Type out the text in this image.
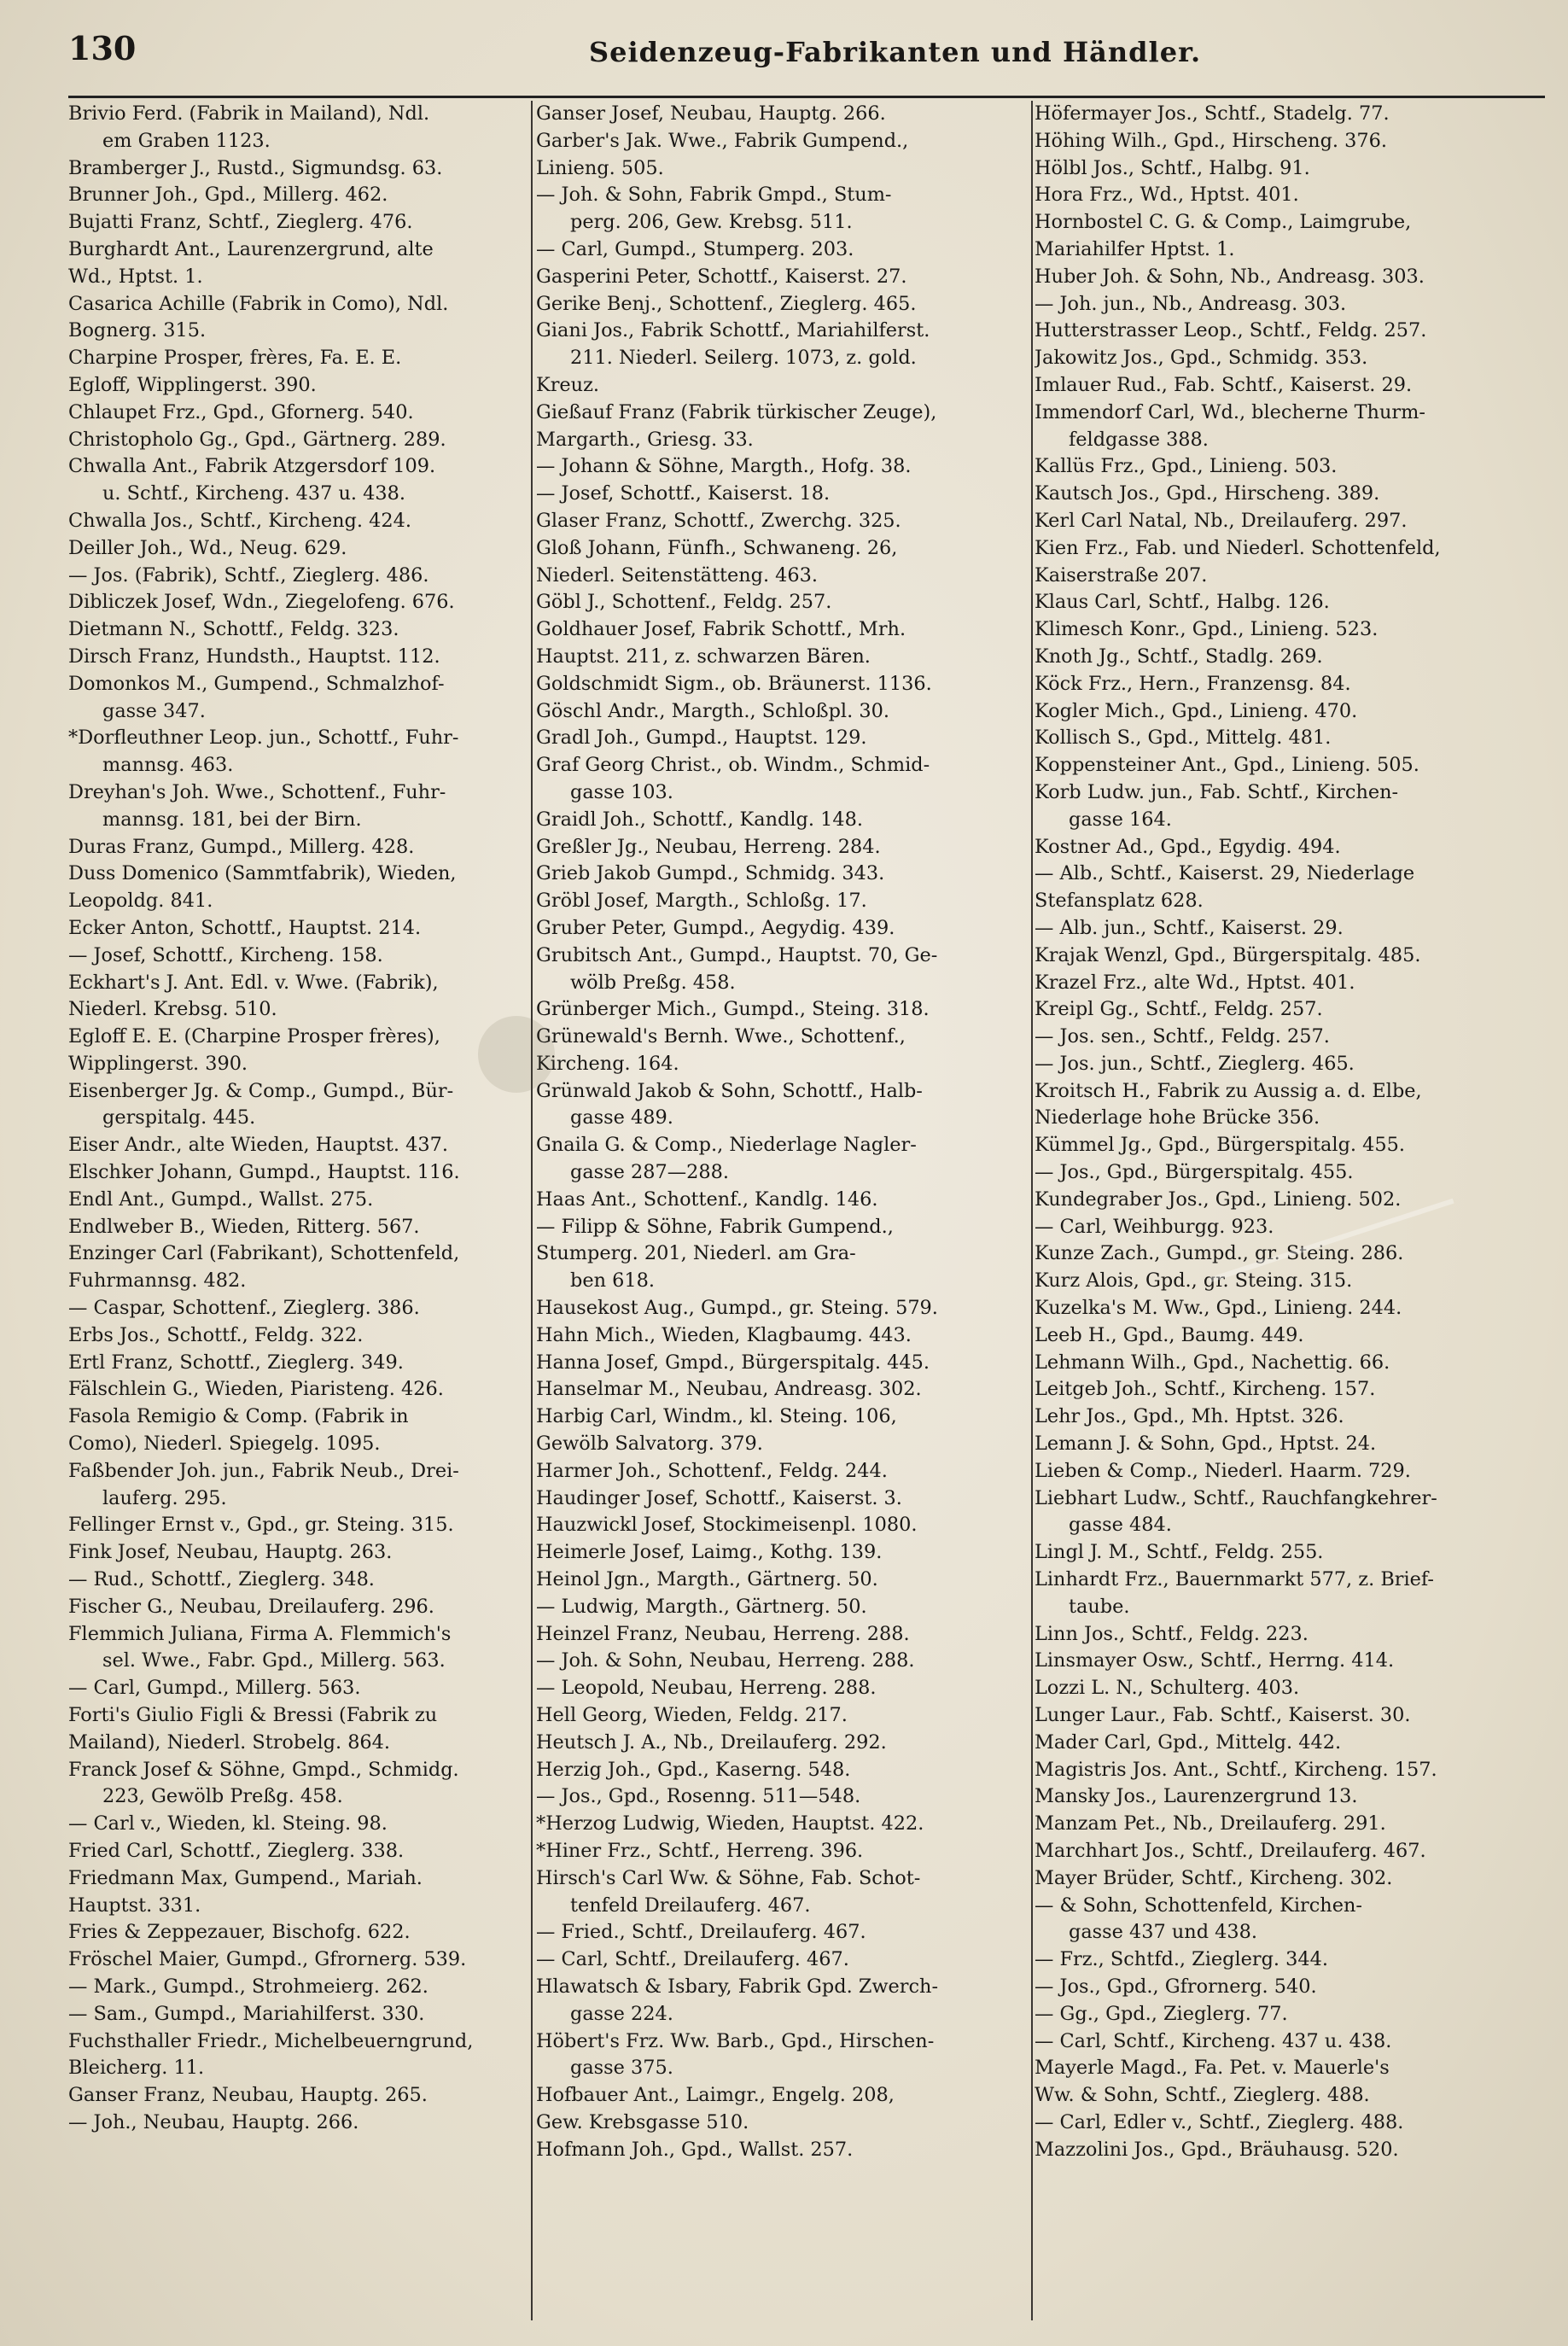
130	Seidenzeug-Fabrikanten und Händler.
Brivio Ferd. (Fabrik in Mailand), Ndl.
em Graben 1123.
Bramberger J., Rustd., Sigmundsg. 63.
Brunner Joh., Gpd., Millerg. 462.
Bujatti Franz, Schtf., Zieglerg. 476.
Burghardt Ant., Laurenzergrund, alte
Wd., Hptst. 1.
Casarica Achille (Fabrik in Como), Ndl.
Bognerg. 315.
Charpine Prosper, frères, Fa. E. E.
Egloff, Wipplingerst. 390.
Chlaupet Frz., Gpd., Gfornerg. 540.
Christopholo Gg., Gpd., Gärtnerg. 289.
Chwalla Ant., Fabrik Atzgersdorf 109.
u. Schtf., Kircheng. 437 u. 438.
Chwalla Jos., Schtf., Kircheng. 424.
Deiller Joh., Wd., Neug. 629.
— Jos. (Fabrik), Schtf., Zieglerg. 486.
Dibliczek Josef, Wdn., Ziegelofeng. 676.
Dietmann N., Schottf., Feldg. 323.
Dirsch Franz, Hundsth., Hauptst. 112.
Domonkos M., Gumpend., Schmalzhof-
gasse 347.
*Dorfleuthner Leop. jun., Schottf., Fuhr-
mannsg. 463.
Dreyhan's Joh. Wwe., Schottenf., Fuhr-
mannsg. 181, bei der Birn.
Duras Franz, Gumpd., Millerg. 428.
Duss Domenico (Sammtfabrik), Wieden,
Leopoldg. 841.
Ecker Anton, Schottf., Hauptst. 214.
— Josef, Schottf., Kircheng. 158.
Eckhart's J. Ant. Edl. v. Wwe. (Fabrik),
Niederl. Krebsg. 510.
Egloff E. E. (Charpine Prosper frères),
Wipplingerst. 390.
Eisenberger Jg. & Comp., Gumpd., Bür-
gerspitalg. 445.
Eiser Andr., alte Wieden, Hauptst. 437.
Elschker Johann, Gumpd., Hauptst. 116.
Endl Ant., Gumpd., Wallst. 275.
Endlweber B., Wieden, Ritterg. 567.
Enzinger Carl (Fabrikant), Schottenfeld,
Fuhrmannsg. 482.
— Caspar, Schottenf., Zieglerg. 386.
Erbs Jos., Schottf., Feldg. 322.
Ertl Franz, Schottf., Zieglerg. 349.
Fälschlein G., Wieden, Piaristeng. 426.
Fasola Remigio & Comp. (Fabrik in
Como), Niederl. Spiegelg. 1095.
Faßbender Joh. jun., Fabrik Neub., Drei-
lauferg. 295.
Fellinger Ernst v., Gpd., gr. Steing. 315.
Fink Josef, Neubau, Hauptg. 263.
— Rud., Schottf., Zieglerg. 348.
Fischer G., Neubau, Dreilauferg. 296.
Flemmich Juliana, Firma A. Flemmich's
sel. Wwe., Fabr. Gpd., Millerg. 563.
— Carl, Gumpd., Millerg. 563.
Forti's Giulio Figli & Bressi (Fabrik zu
Mailand), Niederl. Strobelg. 864.
Franck Josef & Söhne, Gmpd., Schmidg.
223, Gewölb Preßg. 458.
— Carl v., Wieden, kl. Steing. 98.
Fried Carl, Schottf., Zieglerg. 338.
Friedmann Max, Gumpend., Mariah.
Hauptst. 331.
Fries & Zeppezauer, Bischofg. 622.
Fröschel Maier, Gumpd., Gfrornerg. 539.
— Mark., Gumpd., Strohmeierg. 262.
— Sam., Gumpd., Mariahilferst. 330.
Fuchsthaller Friedr., Michelbeuerngrund,
Bleicherg. 11.
Ganser Franz, Neubau, Hauptg. 265.
— Joh., Neubau, Hauptg. 266.
Ganser Josef, Neubau, Hauptg. 266.
Garber's Jak. Wwe., Fabrik Gumpend.,
Linieng. 505.
— Joh. & Sohn, Fabrik Gmpd., Stum-
perg. 206, Gew. Krebsg. 511.
— Carl, Gumpd., Stumperg. 203.
Gasperini Peter, Schottf., Kaiserst. 27.
Gerike Benj., Schottenf., Zieglerg. 465.
Giani Jos., Fabrik Schottf., Mariahilferst.
211. Niederl. Seilerg. 1073, z. gold.
Kreuz.
Gießauf Franz (Fabrik türkischer Zeuge),
Margarth., Griesg. 33.
— Johann & Söhne, Margth., Hofg. 38.
— Josef, Schottf., Kaiserst. 18.
Glaser Franz, Schottf., Zwerchg. 325.
Gloß Johann, Fünfh., Schwaneng. 26,
Niederl. Seitenstätteng. 463.
Göbl J., Schottenf., Feldg. 257.
Goldhauer Josef, Fabrik Schottf., Mrh.
Hauptst. 211, z. schwarzen Bären.
Goldschmidt Sigm., ob. Bräunerst. 1136.
Göschl Andr., Margth., Schloßpl. 30.
Gradl Joh., Gumpd., Hauptst. 129.
Graf Georg Christ., ob. Windm., Schmid-
gasse 103.
Graidl Joh., Schottf., Kandlg. 148.
Greßler Jg., Neubau, Herreng. 284.
Grieb Jakob Gumpd., Schmidg. 343.
Gröbl Josef, Margth., Schloßg. 17.
Gruber Peter, Gumpd., Aegydig. 439.
Grubitsch Ant., Gumpd., Hauptst. 70, Ge-
wölb Preßg. 458.
Grünberger Mich., Gumpd., Steing. 318.
Grünewald's Bernh. Wwe., Schottenf.,
Kircheng. 164.
Grünwald Jakob & Sohn, Schottf., Halb-
gasse 489.
Gnaila G. & Comp., Niederlage Nagler-
gasse 287—288.
Haas Ant., Schottenf., Kandlg. 146.
— Filipp & Söhne, Fabrik Gumpend.,
Stumperg. 201, Niederl. am Gra-
ben 618.
Hausekost Aug., Gumpd., gr. Steing. 579.
Hahn Mich., Wieden, Klagbaumg. 443.
Hanna Josef, Gmpd., Bürgerspitalg. 445.
Hanselmar M., Neubau, Andreasg. 302.
Harbig Carl, Windm., kl. Steing. 106,
Gewölb Salvatorg. 379.
Harmer Joh., Schottenf., Feldg. 244.
Haudinger Josef, Schottf., Kaiserst. 3.
Hauzwickl Josef, Stockimeisenpl. 1080.
Heimerle Josef, Laimg., Kothg. 139.
Heinol Jgn., Margth., Gärtnerg. 50.
— Ludwig, Margth., Gärtnerg. 50.
Heinzel Franz, Neubau, Herreng. 288.
— Joh. & Sohn, Neubau, Herreng. 288.
— Leopold, Neubau, Herreng. 288.
Hell Georg, Wieden, Feldg. 217.
Heutsch J. A., Nb., Dreilauferg. 292.
Herzig Joh., Gpd., Kaserng. 548.
— Jos., Gpd., Rosenng. 511—548.
*Herzog Ludwig, Wieden, Hauptst. 422.
*Hiner Frz., Schtf., Herreng. 396.
Hirsch's Carl Ww. & Söhne, Fab. Schot-
tenfeld Dreilauferg. 467.
— Fried., Schtf., Dreilauferg. 467.
— Carl, Schtf., Dreilauferg. 467.
Hlawatsch & Isbary, Fabrik Gpd. Zwerch-
gasse 224.
Höbert's Frz. Ww. Barb., Gpd., Hirschen-
gasse 375.
Hofbauer Ant., Laimgr., Engelg. 208,
Gew. Krebsgasse 510.
Hofmann Joh., Gpd., Wallst. 257.
Höfermayer Jos., Schtf., Stadelg. 77.
Höhing Wilh., Gpd., Hirscheng. 376.
Hölbl Jos., Schtf., Halbg. 91.
Hora Frz., Wd., Hptst. 401.
Hornbostel C. G. & Comp., Laimgrube,
Mariahilfer Hptst. 1.
Huber Joh. & Sohn, Nb., Andreasg. 303.
— Joh. jun., Nb., Andreasg. 303.
Hutterstrasser Leop., Schtf., Feldg. 257.
Jakowitz Jos., Gpd., Schmidg. 353.
Imlauer Rud., Fab. Schtf., Kaiserst. 29.
Immendorf Carl, Wd., blecherne Thurm-
feldgasse 388.
Kallüs Frz., Gpd., Linieng. 503.
Kautsch Jos., Gpd., Hirscheng. 389.
Kerl Carl Natal, Nb., Dreilauferg. 297.
Kien Frz., Fab. und Niederl. Schottenfeld,
Kaiserstraße 207.
Klaus Carl, Schtf., Halbg. 126.
Klimesch Konr., Gpd., Linieng. 523.
Knoth Jg., Schtf., Stadlg. 269.
Köck Frz., Hern., Franzensg. 84.
Kogler Mich., Gpd., Linieng. 470.
Kollisch S., Gpd., Mittelg. 481.
Koppensteiner Ant., Gpd., Linieng. 505.
Korb Ludw. jun., Fab. Schtf., Kirchen-
gasse 164.
Kostner Ad., Gpd., Egydig. 494.
— Alb., Schtf., Kaiserst. 29, Niederlage
Stefansplatz 628.
— Alb. jun., Schtf., Kaiserst. 29.
Krajak Wenzl, Gpd., Bürgerspitalg. 485.
Krazel Frz., alte Wd., Hptst. 401.
Kreipl Gg., Schtf., Feldg. 257.
— Jos. sen., Schtf., Feldg. 257.
— Jos. jun., Schtf., Zieglerg. 465.
Kroitsch H., Fabrik zu Aussig a. d. Elbe,
Niederlage hohe Brücke 356.
Kümmel Jg., Gpd., Bürgerspitalg. 455.
— Jos., Gpd., Bürgerspitalg. 455.
Kundegraber Jos., Gpd., Linieng. 502.
— Carl, Weihburgg. 923.
Kunze Zach., Gumpd., gr. Steing. 286.
Kurz Alois, Gpd., gr. Steing. 315.
Kuzelka's M. Ww., Gpd., Linieng. 244.
Leeb H., Gpd., Baumg. 449.
Lehmann Wilh., Gpd., Nachettig. 66.
Leitgeb Joh., Schtf., Kircheng. 157.
Lehr Jos., Gpd., Mh. Hptst. 326.
Lemann J. & Sohn, Gpd., Hptst. 24.
Lieben & Comp., Niederl. Haarm. 729.
Liebhart Ludw., Schtf., Rauchfangkehrer-
gasse 484.
Lingl J. M., Schtf., Feldg. 255.
Linhardt Frz., Bauernmarkt 577, z. Brief-
taube.
Linn Jos., Schtf., Feldg. 223.
Linsmayer Osw., Schtf., Herrng. 414.
Lozzi L. N., Schulterg. 403.
Lunger Laur., Fab. Schtf., Kaiserst. 30.
Mader Carl, Gpd., Mittelg. 442.
Magistris Jos. Ant., Schtf., Kircheng. 157.
Mansky Jos., Laurenzergrund 13.
Manzam Pet., Nb., Dreilauferg. 291.
Marchhart Jos., Schtf., Dreilauferg. 467.
Mayer Brüder, Schtf., Kircheng. 302.
— & Sohn, Schottenfeld, Kirchen-
gasse 437 und 438.
— Frz., Schtfd., Zieglerg. 344.
— Jos., Gpd., Gfrornerg. 540.
— Gg., Gpd., Zieglerg. 77.
— Carl, Schtf., Kircheng. 437 u. 438.
Mayerle Magd., Fa. Pet. v. Mauerle's
Ww. & Sohn, Schtf., Zieglerg. 488.
— Carl, Edler v., Schtf., Zieglerg. 488.
Mazzolini Jos., Gpd., Bräuhausg. 520.
